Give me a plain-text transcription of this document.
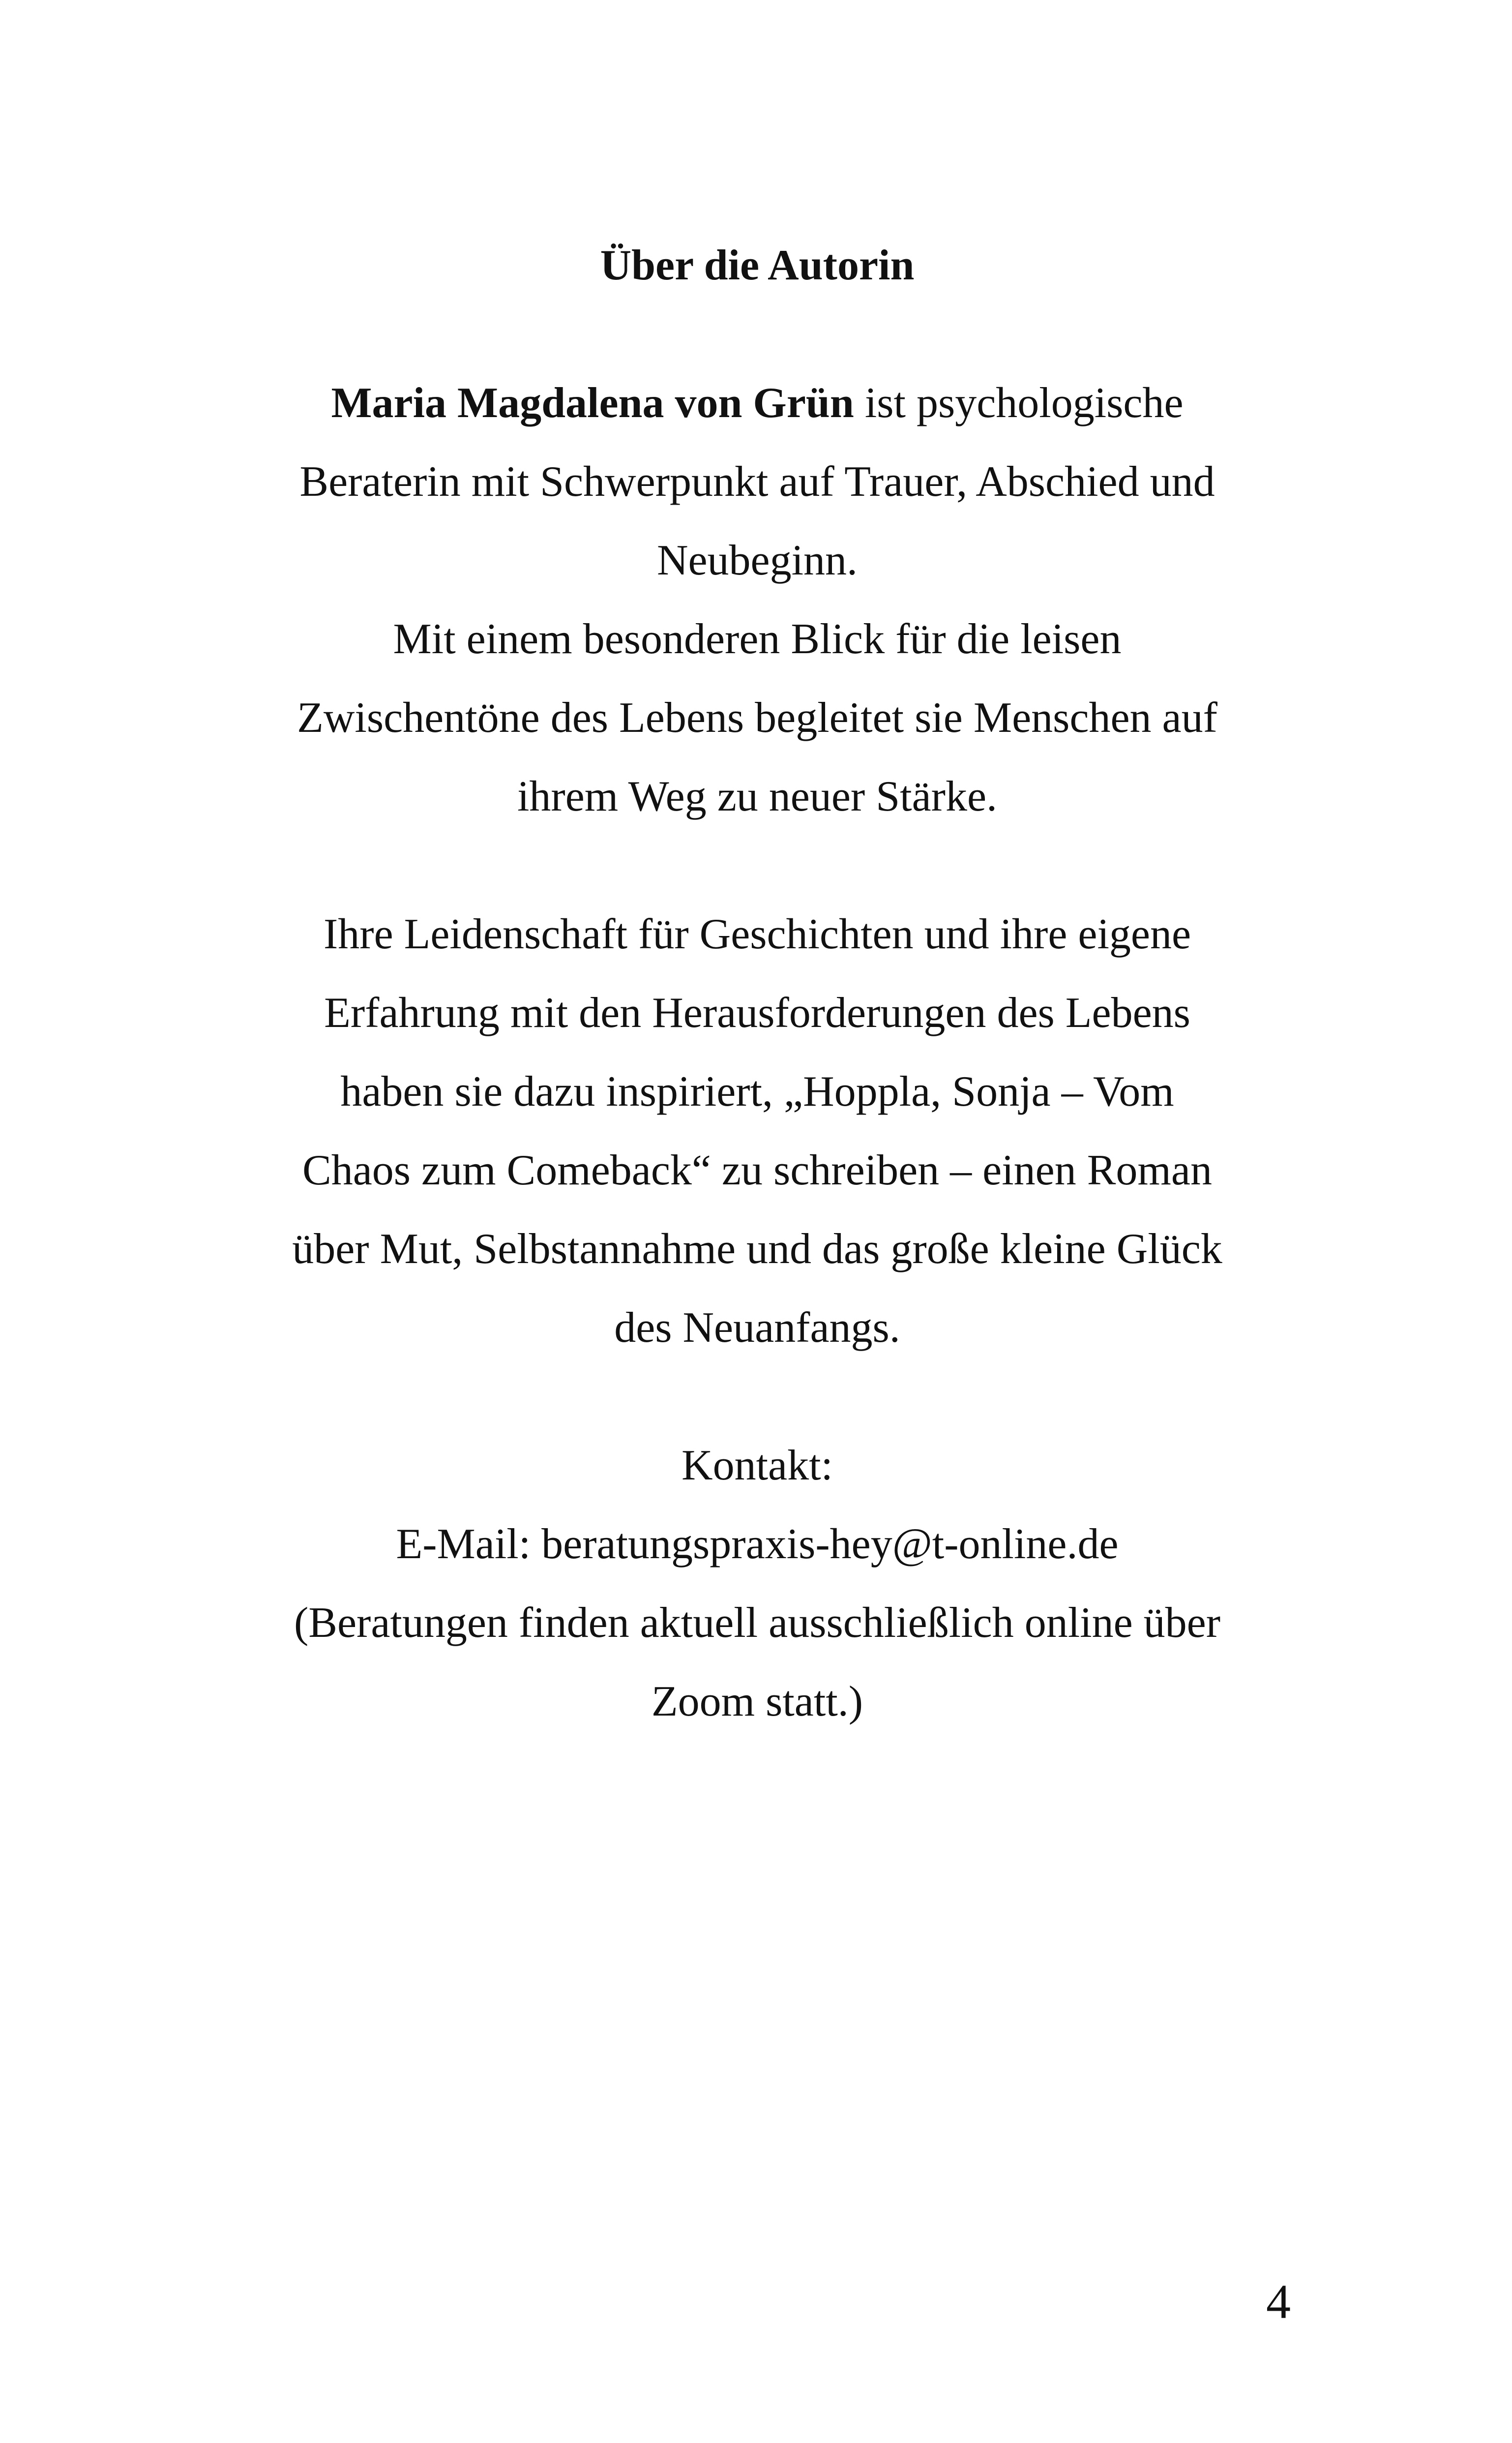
Über die Autorin

Maria Magdalena von Grün ist psychologische

Beraterin mit Schwerpunkt auf Trauer, Abschied und

Neubeginn.

Mit einem besonderen Blick für die leisen

Zwischentöne des Lebens begleitet sie Menschen auf

ihrem Weg zu neuer Stärke.

Ihre Leidenschaft für Geschichten und ihre eigene

Erfahrung mit den Herausforderungen des Lebens

haben sie dazu inspiriert, „Hoppla, Sonja – Vom

Chaos zum Comeback“ zu schreiben – einen Roman

über Mut, Selbstannahme und das große kleine Glück

des Neuanfangs.

Kontakt:

E-Mail: beratungspraxis-hey@t-online.de

(Beratungen finden aktuell ausschließlich online über

Zoom statt.)

4
